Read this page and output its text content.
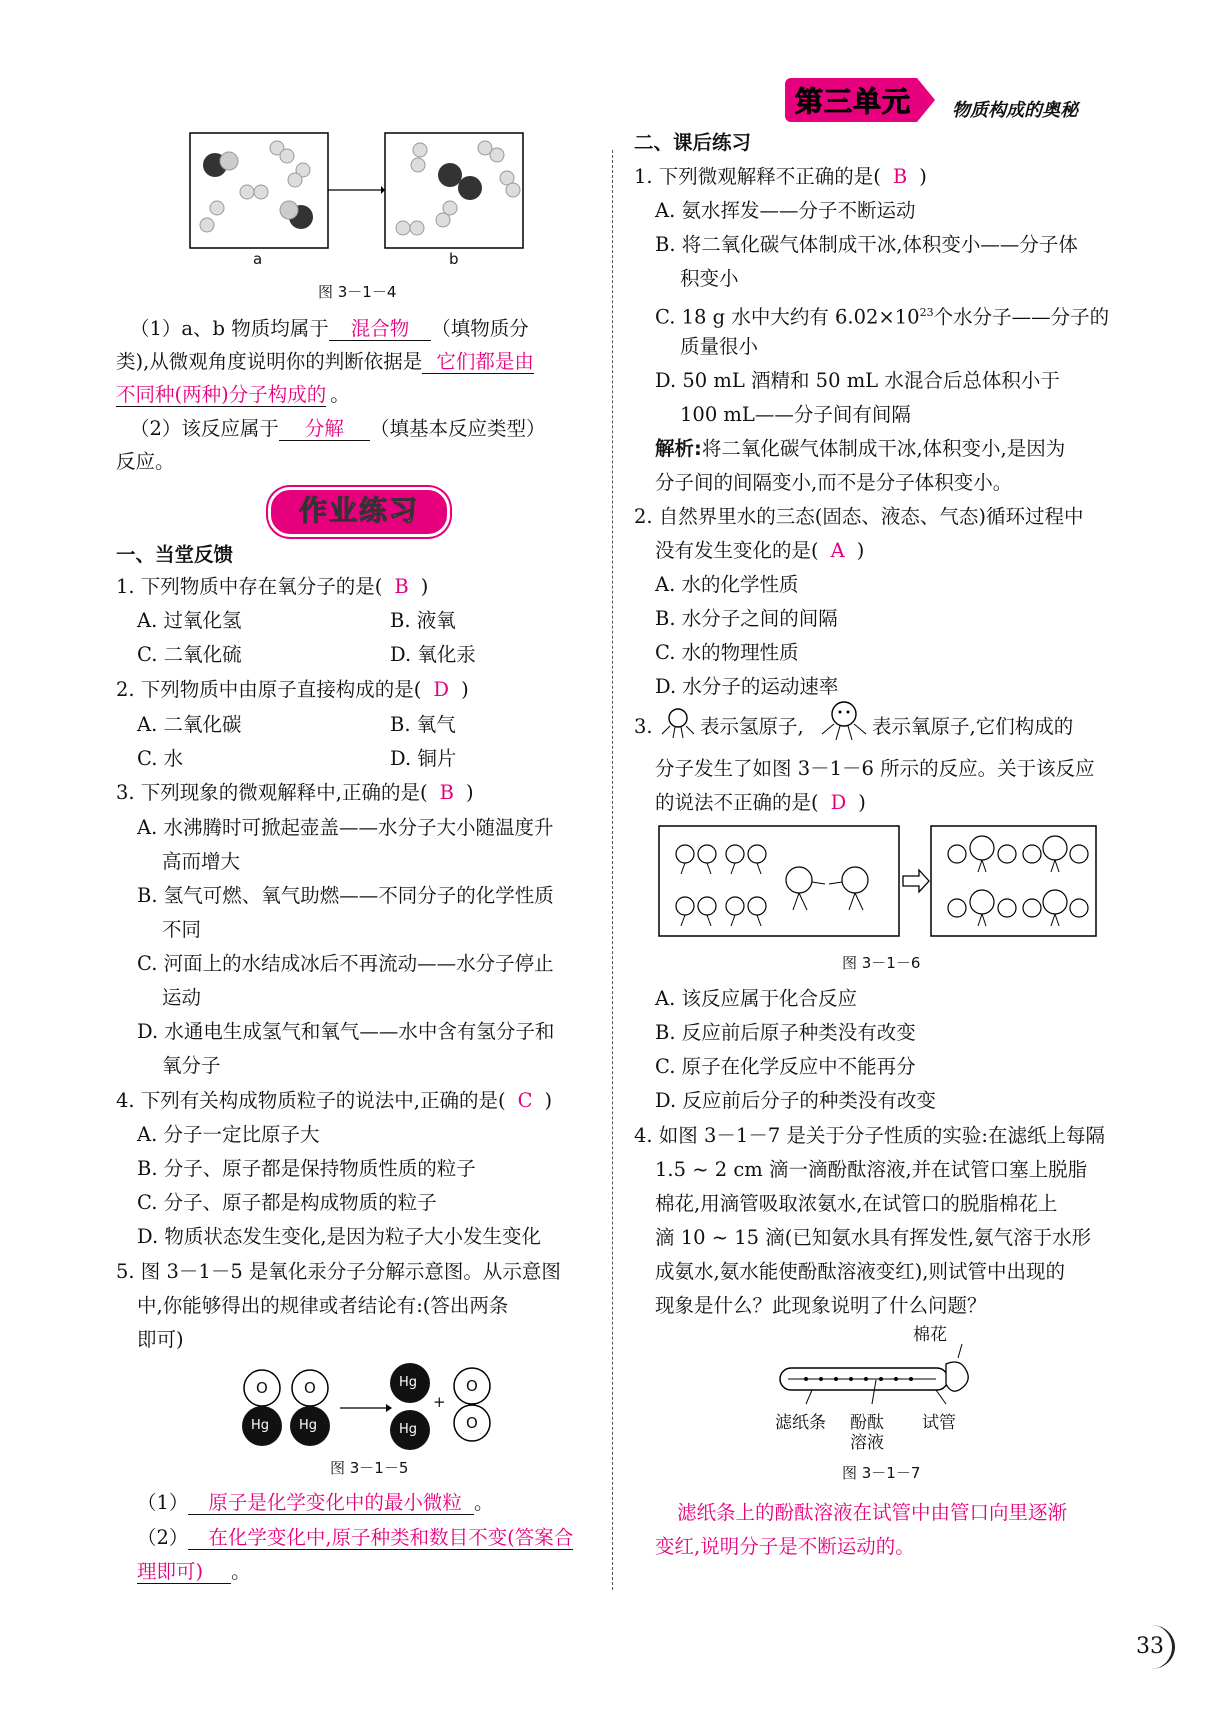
第三单元 物质构成的奥秘
a	b
图 3－1－4
（1）a、b 物质均属于 混合物 （填物质分
类),从微观角度说明你的判断依据是 它们都是由
不同种(两种)分子构成的 。
（2）该反应属于 分解 （填基本反应类型）
反应。
作业练习
一、当堂反馈
1. 下列物质中存在氧分子的是( B )
A. 过氧化氢	B. 液氧
C. 二氧化硫	D. 氧化汞
2. 下列物质中由原子直接构成的是( D )
A. 二氧化碳	B. 氧气
C. 水	D. 铜片
3. 下列现象的微观解释中,正确的是( B )
A. 水沸腾时可掀起壶盖——水分子大小随温度升
高而增大
B. 氢气可燃、氧气助燃——不同分子的化学性质
不同
C. 河面上的水结成冰后不再流动——水分子停止
运动
D. 水通电生成氢气和氧气——水中含有氢分子和
氧分子
4. 下列有关构成物质粒子的说法中,正确的是( C )
A. 分子一定比原子大
B. 分子、原子都是保持物质性质的粒子
C. 分子、原子都是构成物质的粒子
D. 物质状态发生变化,是因为粒子大小发生变化
5. 图 3－1－5 是氧化汞分子分解示意图。从示意图
中,你能够得出的规律或者结论有:(答出两条
即可)
O
Hg
O
Hg
Hg
Hg
+
O
O
图 3－1－5
（1） 原子是化学变化中的最小微粒 。
（2） 在化学变化中,原子种类和数目不变(答案合
理即可) 。
二、课后练习
1. 下列微观解释不正确的是( B )
A. 氨水挥发——分子不断运动
B. 将二氧化碳气体制成干冰,体积变小——分子体
积变小
C. 18 g 水中大约有 $6.02\times 10^{23}$个水分子——分子的
质量很小
D. 50 mL 酒精和 50 mL 水混合后总体积小于
100 mL——分子间有间隔
解析:将二氧化碳气体制成干冰,体积变小,是因为
分子间的间隔变小,而不是分子体积变小。
2. 自然界里水的三态(固态、液态、气态)循环过程中
没有发生变化的是( A )
A. 水的化学性质
B. 水分子之间的间隔
C. 水的物理性质
D. 水分子的运动速率
3. 表示氢原子,	表示氧原子,它们构成的
分子发生了如图 3－1－6 所示的反应。关于该反应
的说法不正确的是( D )
图 3－1－6
A. 该反应属于化合反应
B. 反应前后原子种类没有改变
C. 原子在化学反应中不能再分
D. 反应前后分子的种类没有改变
4. 如图 3－1－7 是关于分子性质的实验:在滤纸上每隔
1.5 ~ 2 cm 滴一滴酚酞溶液,并在试管口塞上脱脂
棉花,用滴管吸取浓氨水,在试管口的脱脂棉花上
滴 10 ~ 15 滴(已知氨水具有挥发性,氨气溶于水形
成氨水,氨水能使酚酞溶液变红),则试管中出现的
现象是什么？此现象说明了什么问题？
棉花
滤纸条 酚酞
溶液
试管
图 3－1－7
滤纸条上的酚酞溶液在试管中由管口向里逐渐
变红,说明分子是不断运动的。
33
